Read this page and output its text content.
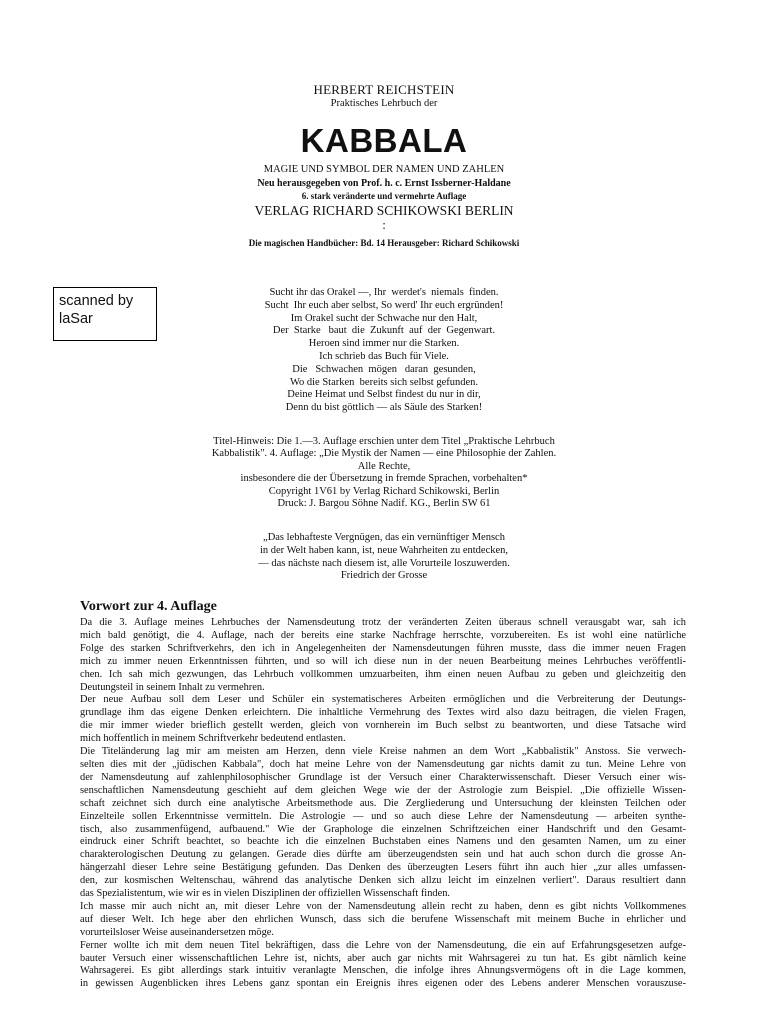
HERBERT REICHSTEIN
Praktisches Lehrbuch der
KABBALA
MAGIE UND SYMBOL DER NAMEN UND ZAHLEN
Neu herausgegeben von Prof. h. c. Ernst Issberner-Haldane
6. stark veränderte und vermehrte Auflage
VERLAG RICHARD SCHIKOWSKI BERLIN
:
Die magischen Handbücher: Bd. 14 Herausgeber: Richard Schikowski
scanned by
laSar
Sucht ihr das Orakel —, Ihr  werdet's  niemals  finden.
Sucht  Ihr euch aber selbst, So werd' Ihr euch ergründen!
Im Orakel sucht der Schwache nur den Halt,
Der  Starke   baut  die  Zukunft  auf  der  Gegenwart.
Heroen sind immer nur die Starken.
Ich schrieb das Buch für Viele.
Die   Schwachen  mögen   daran  gesunden,
Wo die Starken  bereits sich selbst gefunden.
Deine Heimat und Selbst findest du nur in dir,
Denn du bist göttlich — als Säule des Starken!
Titel-Hinweis: Die 1.—3. Auflage erschien unter dem Titel „Praktische Lehrbuch
Kabbalistik". 4. Auflage: „Die Mystik der Namen — eine Philosophie der Zahlen.
Alle Rechte,
insbesondere die der Übersetzung in fremde Sprachen, vorbehalten*
Copyright 1V61 by Verlag Richard Schikowski, Berlin
Druck: J. Bargou Söhne Nadif. KG., Berlin SW 61
„Das lebhafteste Vergnügen, das ein vernünftiger Mensch
in der Welt haben kann, ist, neue Wahrheiten zu entdecken,
— das nächste nach diesem ist, alle Vorurteile loszuwerden.
Friedrich der Grosse
Vorwort zur 4. Auflage
Da die 3. Auflage meines Lehrbuches der Namensdeutung trotz der veränderten Zeiten überaus schnell verausgabt war, sah ich
mich bald genötigt, die 4. Auflage, nach der bereits eine starke Nachfrage herrschte, vorzubereiten. Es ist wohl eine natürliche
Folge des starken Schriftverkehrs, den ich in Angelegenheiten der Namensdeutungen führen musste, dass die immer neuen Fragen
mich zu immer neuen Erkenntnissen führten, und so will ich diese nun in der neuen Bearbeitung meines Lehrbuches veröffentli-
chen. Ich sah mich gezwungen, das Lehrbuch vollkommen umzuarbeiten, ihm einen neuen Aufbau zu geben und gleichzeitig den
Deutungsteil in seinem Inhalt zu vermehren.
Der neue Aufbau soll dem Leser und Schüler ein systematischeres Arbeiten ermöglichen und die Verbreiterung der Deutungs-
grundlage ihm das eigene Denken erleichtern. Die inhaltliche Vermehrung des Textes wird also dazu beitragen, die vielen Fragen,
die mir immer wieder brieflich gestellt werden, gleich von vornherein im Buch selbst zu beantworten, und diese Tatsache wird
mich hoffentlich in meinem Schriftverkehr bedeutend entlasten.
Die Titeländerung lag mir am meisten am Herzen, denn viele Kreise nahmen an dem Wort „Kabbalistik" Anstoss. Sie verwech-
selten dies mit der „jüdischen Kabbala", doch hat meine Lehre von der Namensdeutung gar nichts damit zu tun. Meine Lehre von
der Namensdeutung auf zahlenphilosophischer Grundlage ist der Versuch einer Charakterwissenschaft. Dieser Versuch einer wis-
senschaftlichen Namensdeutung geschieht auf dem gleichen Wege wie der der Astrologie zum Beispiel. „Die offizielle Wissen-
schaft zeichnet sich durch eine analytische Arbeitsmethode aus. Die Zergliederung und Untersuchung der kleinsten Teilchen oder
Einzelteile sollen Erkenntnisse vermitteln. Die Astrologie — und so auch diese Lehre der Namensdeutung — arbeiten synthe-
tisch, also zusammenfügend, aufbauend." Wie der Graphologe die einzelnen Schriftzeichen einer Handschrift und den Gesamt-
eindruck einer Schrift beachtet, so beachte ich die einzelnen Buchstaben eines Namens und den gesamten Namen, um zu einer
charakterologischen Deutung zu gelangen. Gerade dies dürfte am überzeugendsten sein und hat auch schon durch die grosse An-
hängerzahl dieser Lehre seine Bestätigung gefunden. Das Denken des überzeugten Lesers führt ihn auch hier „zur alles umfassen-
den, zur kosmischen Weltenschau, während das analytische Denken sich allzu leicht im einzelnen verliert". Daraus resultiert dann
das Spezialistentum, wie wir es in vielen Disziplinen der offiziellen Wissenschaft finden.
Ich masse mir auch nicht an, mit dieser Lehre von der Namensdeutung allein recht zu haben, denn es gibt nichts Vollkommenes
auf dieser Welt. Ich hege aber den ehrlichen Wunsch, dass sich die berufene Wissenschaft mit meinem Buche in ehrlicher und
vorurteilsloser Weise auseinandersetzen möge.
Ferner wollte ich mit dem neuen Titel bekräftigen, dass die Lehre von der Namensdeutung, die ein auf Erfahrungsgesetzen aufge-
bauter Versuch einer wissenschaftlichen Lehre ist, nichts, aber auch gar nichts mit Wahrsagerei zu tun hat. Es gibt nämlich keine
Wahrsagerei. Es gibt allerdings stark intuitiv veranlagte Menschen, die infolge ihres Ahnungsvermögens oft in die Lage kommen,
in gewissen Augenblicken ihres Lebens ganz spontan ein Ereignis ihres eigenen oder des Lebens anderer Menschen vorauszuse-
